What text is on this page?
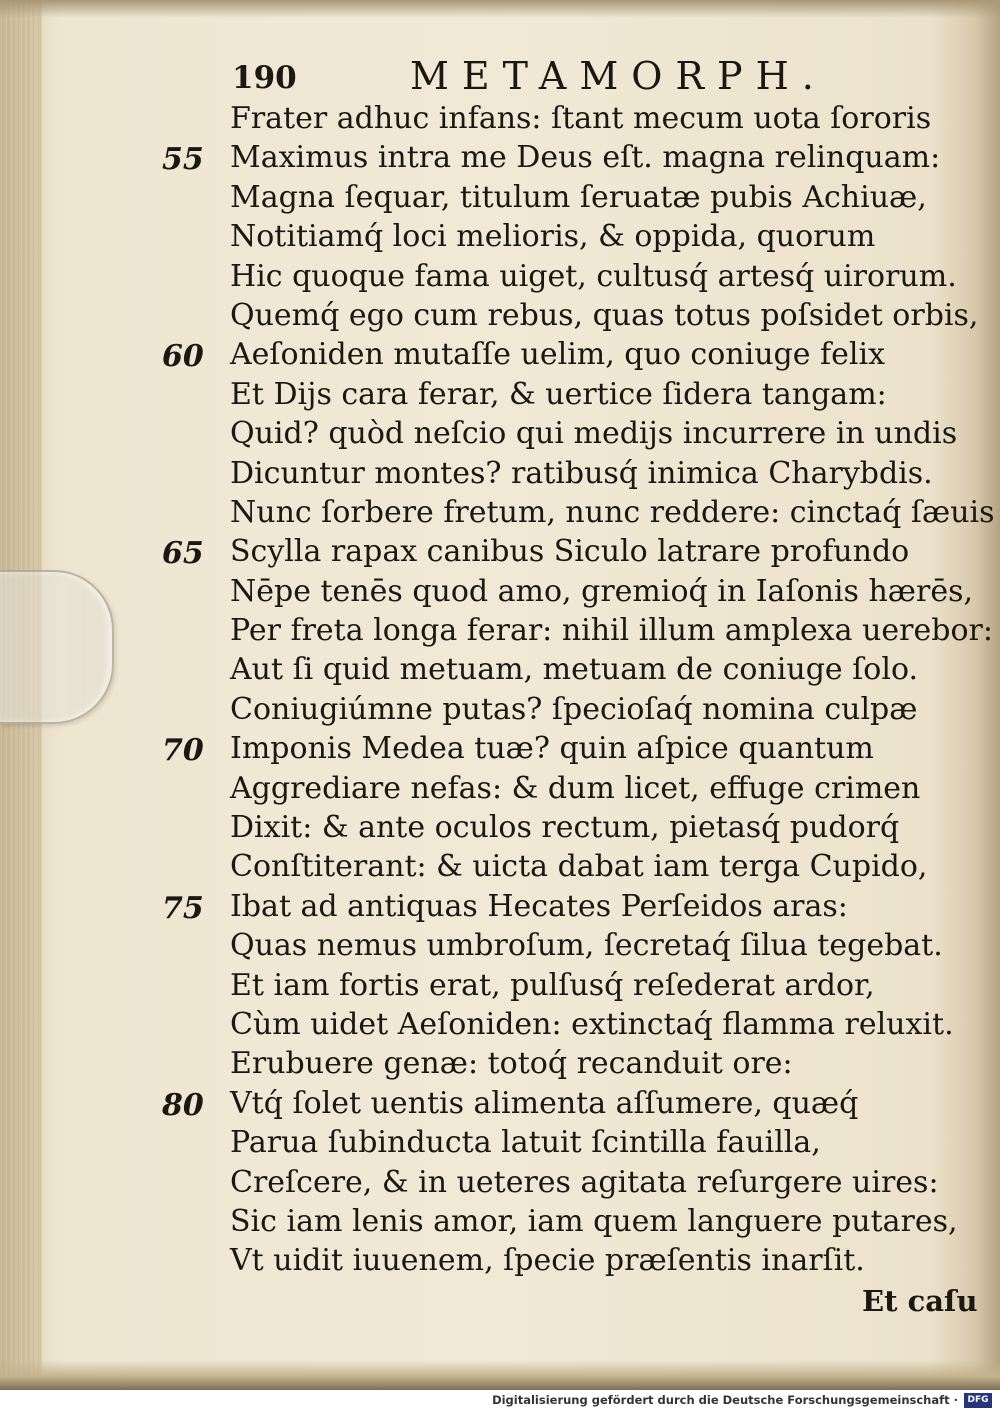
190	METAMORPH.
Frater adhuc infans: ſtant mecum uota ſororis
55 Maximus intra me Deus eſt. magna relinquam:
Magna ſequar, titulum ſeruatæ pubis Achiuæ,
Notitiamq́ loci melioris, & oppida, quorum
Hic quoque fama uiget, cultusq́ artesq́ uirorum.
Quemq́ ego cum rebus, quas totus poſsidet orbis,
60 Aeſoniden mutaſſe uelim, quo coniuge felix
Et Dijs cara ferar, & uertice ſidera tangam:
Quid? quòd neſcio qui medijs incurrere in undis
Dicuntur montes? ratibusq́ inimica Charybdis.
Nunc ſorbere fretum, nunc reddere: cinctaq́ ſæuis
65 Scylla rapax canibus Siculo latrare profundo
Nēpe tenēs quod amo, gremioq́ in Iaſonis hærēs,
Per freta longa ferar: nihil illum amplexa uerebor:
Aut ſi quid metuam, metuam de coniuge ſolo.
Coniugiúmne putas? ſpecioſaq́ nomina culpæ
70 Imponis Medea tuæ? quin aſpice quantum
Aggrediare nefas: & dum licet, effuge crimen
Dixit: & ante oculos rectum, pietasq́ pudorq́
Conſtiterant: & uicta dabat iam terga Cupido,
75 Ibat ad antiquas Hecates Perſeidos aras:
Quas nemus umbroſum, ſecretaq́ ſilua tegebat.
Et iam fortis erat, pulſusq́ reſederat ardor,
Cùm uidet Aeſoniden: extinctaq́ flamma reluxit.
Erubuere genæ: totoq́ recanduit ore:
80 Vtq́ ſolet uentis alimenta aſſumere, quæq́
Parua ſubinducta latuit ſcintilla fauilla,
Creſcere, & in ueteres agitata reſurgere uires:
Sic iam lenis amor, iam quem languere putares,
Vt uidit iuuenem, ſpecie præſentis inarſit.
Et caſu
Digitalisierung gefördert durch die Deutsche Forschungsgemeinschaft ·	DFG
